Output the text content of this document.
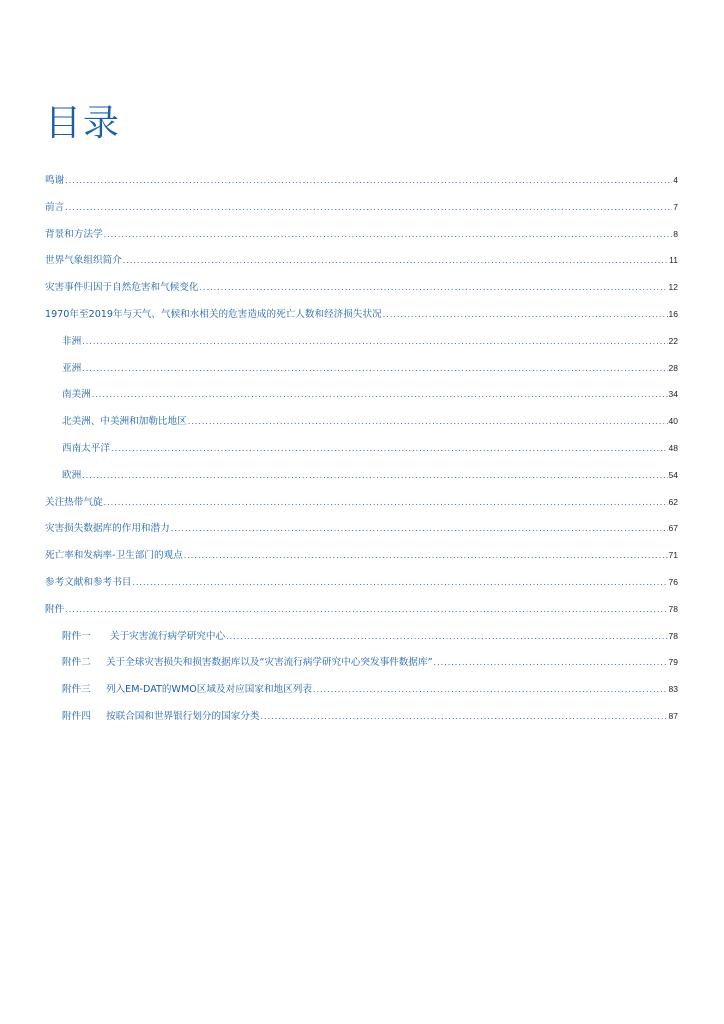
目录
鸣谢 .....	4
前言 .....	7
背景和方法学 .....	8
世界气象组织简介 .....	11
灾害事件归因于自然危害和气候变化 .....	12
1970年至2019年与天气、气候和水相关的危害造成的死亡人数和经济损失状况 .....	16
非洲 .....	22
亚洲 .....	28
南美洲 .....	34
北美洲、中美洲和加勒比地区 .....	40
西南太平洋 .....	48
欧洲 .....	54
关注热带气旋 .....	62
灾害损失数据库的作用和潜力 .....	67
死亡率和发病率-卫生部门的观点 .....	71
参考文献和参考书目 .....	76
附件 .....	78
附件一 关于灾害流行病学研究中心 .....	78
附件二 关于全球灾害损失和损害数据库以及“灾害流行病学研究中心突发事件数据库” .....	79
附件三 列入EM-DAT的WMO区域及对应国家和地区列表 .....	83
附件四 按联合国和世界银行划分的国家分类 .....	87
